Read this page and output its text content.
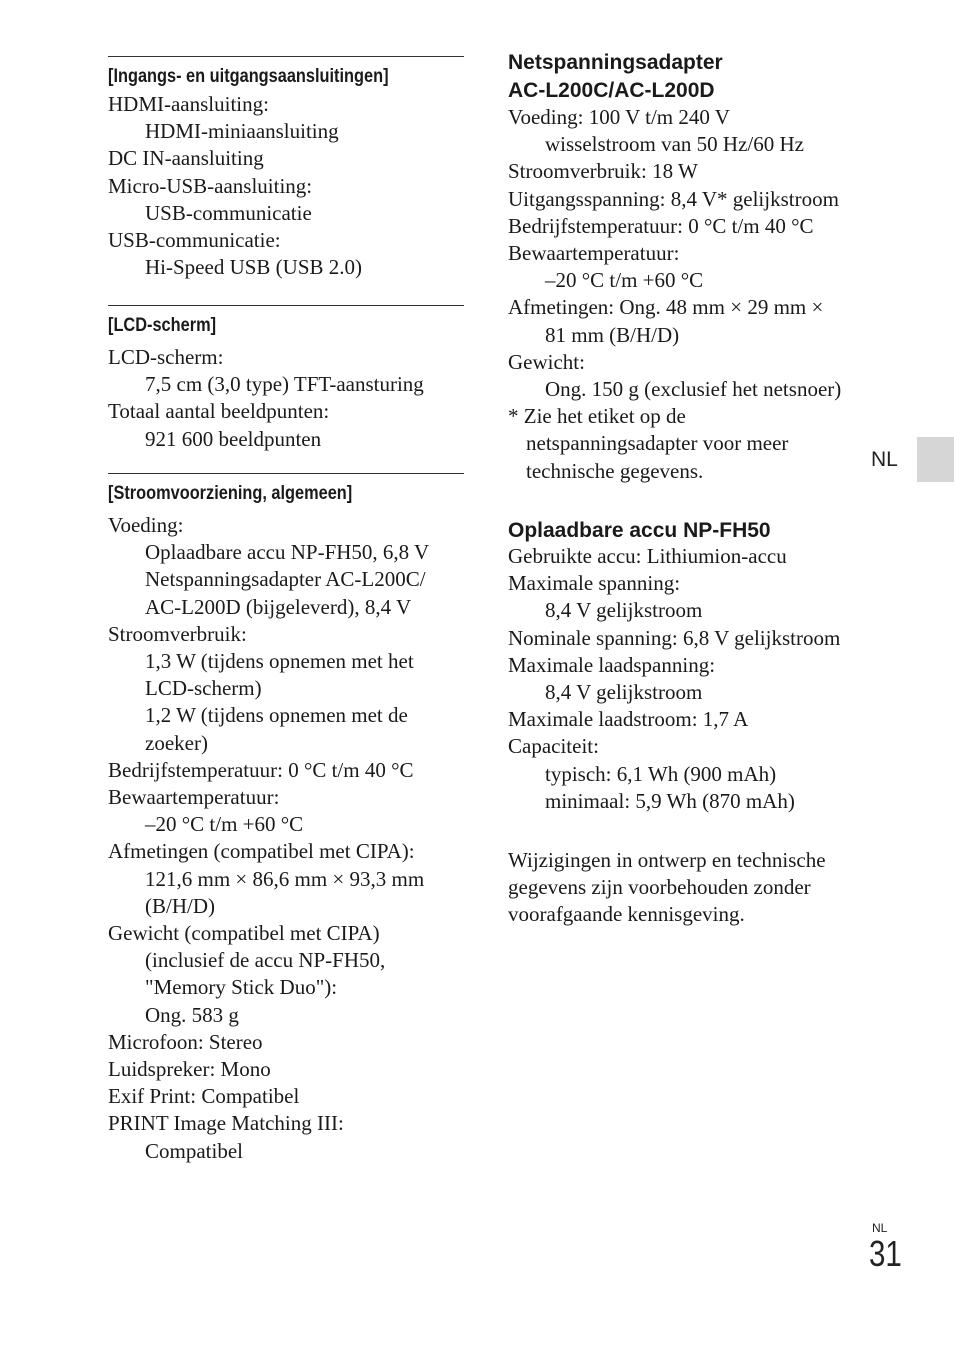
[Ingangs- en uitgangsaansluitingen]
HDMI-aansluiting:
HDMI-miniaansluiting
DC IN-aansluiting
Micro-USB-aansluiting:
USB-communicatie
USB-communicatie:
Hi-Speed USB (USB 2.0)
[LCD-scherm]
LCD-scherm:
7,5 cm (3,0 type) TFT-aansturing
Totaal aantal beeldpunten:
921 600 beeldpunten
[Stroomvoorziening, algemeen]
Voeding:
Oplaadbare accu NP-FH50, 6,8 V
Netspanningsadapter AC-L200C/
AC-L200D (bijgeleverd), 8,4 V
Stroomverbruik:
1,3 W (tijdens opnemen met het
LCD-scherm)
1,2 W (tijdens opnemen met de
zoeker)
Bedrijfstemperatuur: 0 °C t/m 40 °C
Bewaartemperatuur:
–20 °C t/m +60 °C
Afmetingen (compatibel met CIPA):
121,6 mm × 86,6 mm × 93,3 mm
(B/H/D)
Gewicht (compatibel met CIPA)
(inclusief de accu NP-FH50,
"Memory Stick Duo"):
Ong. 583 g
Microfoon: Stereo
Luidspreker: Mono
Exif Print: Compatibel
PRINT Image Matching III:
Compatibel
Netspanningsadapter
AC-L200C/AC-L200D
Voeding: 100 V t/m 240 V
wisselstroom van 50 Hz/60 Hz
Stroomverbruik: 18 W
Uitgangsspanning: 8,4 V* gelijkstroom
Bedrijfstemperatuur: 0 °C t/m 40 °C
Bewaartemperatuur:
–20 °C t/m +60 °C
Afmetingen: Ong. 48 mm × 29 mm ×
81 mm (B/H/D)
Gewicht:
Ong. 150 g (exclusief het netsnoer)
* Zie het etiket op de
netspanningsadapter voor meer
technische gegevens.
Oplaadbare accu NP-FH50
Gebruikte accu: Lithiumion-accu
Maximale spanning:
8,4 V gelijkstroom
Nominale spanning: 6,8 V gelijkstroom
Maximale laadspanning:
8,4 V gelijkstroom
Maximale laadstroom: 1,7 A
Capaciteit:
typisch: 6,1 Wh (900 mAh)
minimaal: 5,9 Wh (870 mAh)
Wijzigingen in ontwerp en technische
gegevens zijn voorbehouden zonder
voorafgaande kennisgeving.
NL
NL
31
